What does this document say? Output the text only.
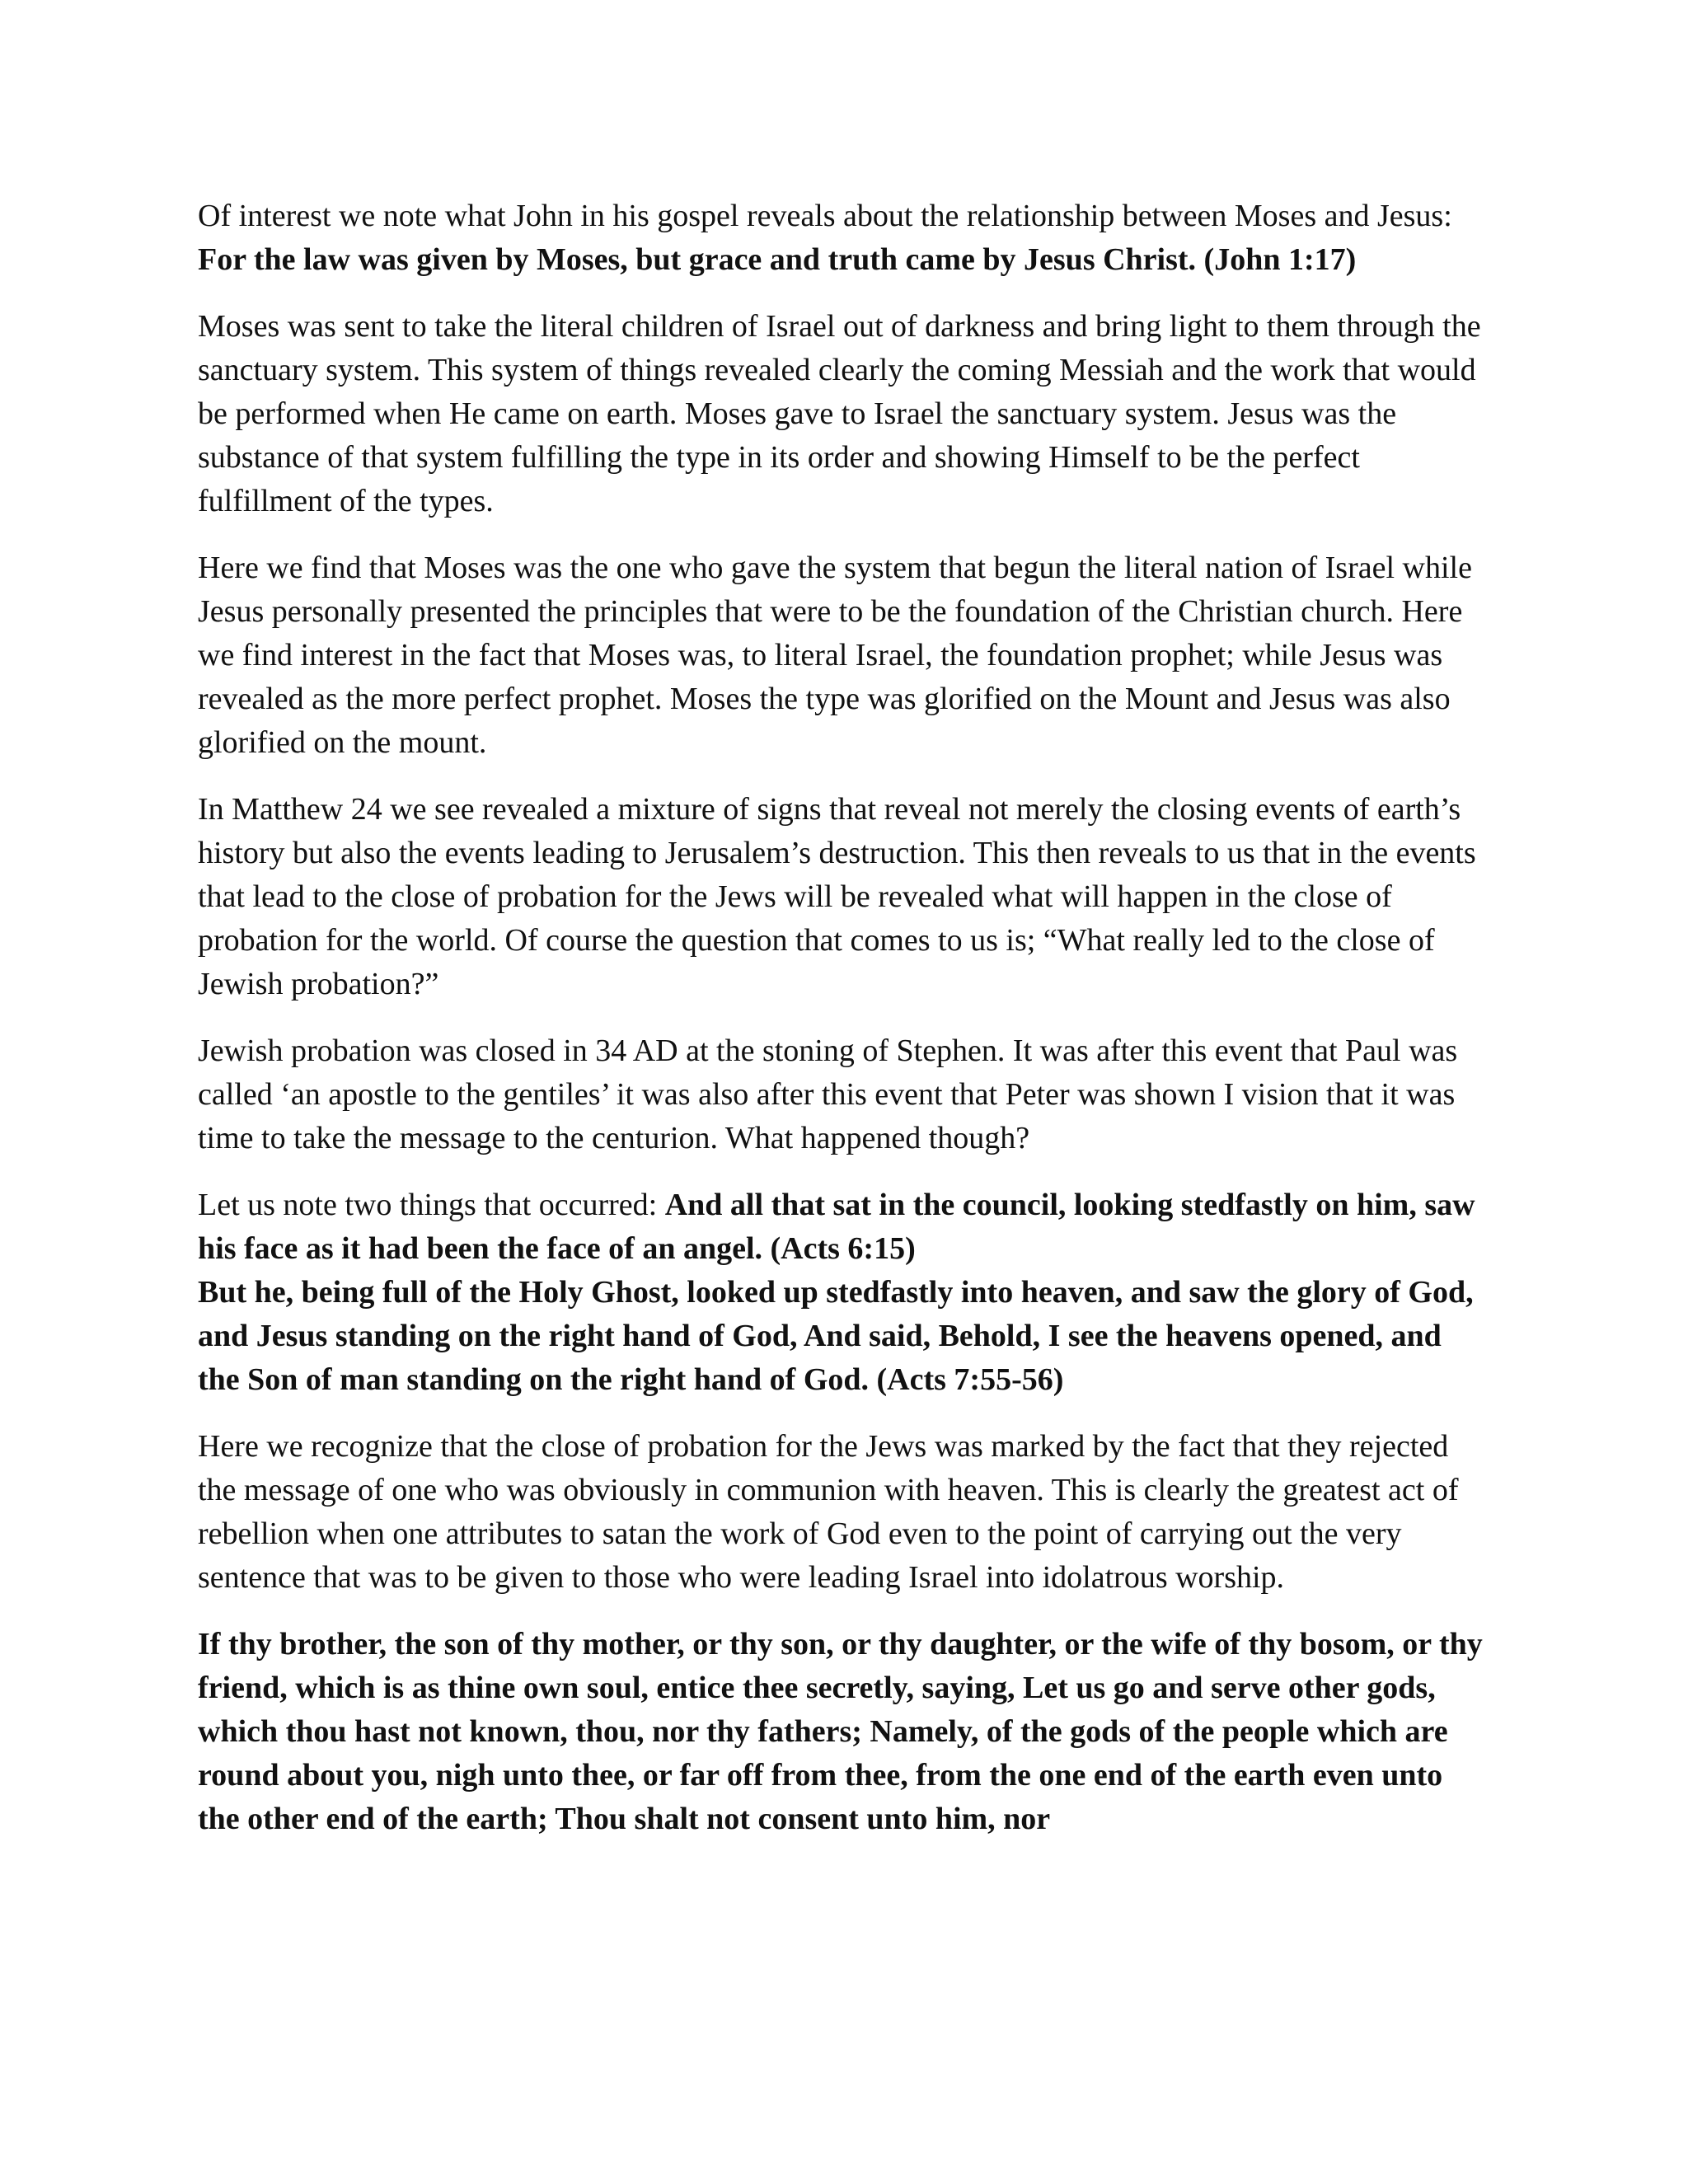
Of interest we note what John in his gospel reveals about the relationship between Moses and Jesus: For the law was given by Moses, but grace and truth came by Jesus Christ. (John 1:17)

Moses was sent to take the literal children of Israel out of darkness and bring light to them through the sanctuary system. This system of things revealed clearly the coming Messiah and the work that would be performed when He came on earth. Moses gave to Israel the sanctuary system. Jesus was the substance of that system fulfilling the type in its order and showing Himself to be the perfect fulfillment of the types.

Here we find that Moses was the one who gave the system that begun the literal nation of Israel while Jesus personally presented the principles that were to be the foundation of the Christian church. Here we find interest in the fact that Moses was, to literal Israel, the foundation prophet; while Jesus was revealed as the more perfect prophet. Moses the type was glorified on the Mount and Jesus was also glorified on the mount.

In Matthew 24 we see revealed a mixture of signs that reveal not merely the closing events of earth’s history but also the events leading to Jerusalem’s destruction. This then reveals to us that in the events that lead to the close of probation for the Jews will be revealed what will happen in the close of probation for the world. Of course the question that comes to us is; “What really led to the close of Jewish probation?”

Jewish probation was closed in 34 AD at the stoning of Stephen. It was after this event that Paul was called ‘an apostle to the gentiles’ it was also after this event that Peter was shown I vision that it was time to take the message to the centurion. What happened though?

Let us note two things that occurred: And all that sat in the council, looking stedfastly on him, saw his face as it had been the face of an angel. (Acts 6:15)
But he, being full of the Holy Ghost, looked up stedfastly into heaven, and saw the glory of God, and Jesus standing on the right hand of God, And said, Behold, I see the heavens opened, and the Son of man standing on the right hand of God. (Acts 7:55-56)

Here we recognize that the close of probation for the Jews was marked by the fact that they rejected the message of one who was obviously in communion with heaven. This is clearly the greatest act of rebellion when one attributes to satan the work of God even to the point of carrying out the very sentence that was to be given to those who were leading Israel into idolatrous worship.

If thy brother, the son of thy mother, or thy son, or thy daughter, or the wife of thy bosom, or thy friend, which is as thine own soul, entice thee secretly, saying, Let us go and serve other gods, which thou hast not known, thou, nor thy fathers; Namely, of the gods of the people which are round about you, nigh unto thee, or far off from thee, from the one end of the earth even unto the other end of the earth; Thou shalt not consent unto him, nor
